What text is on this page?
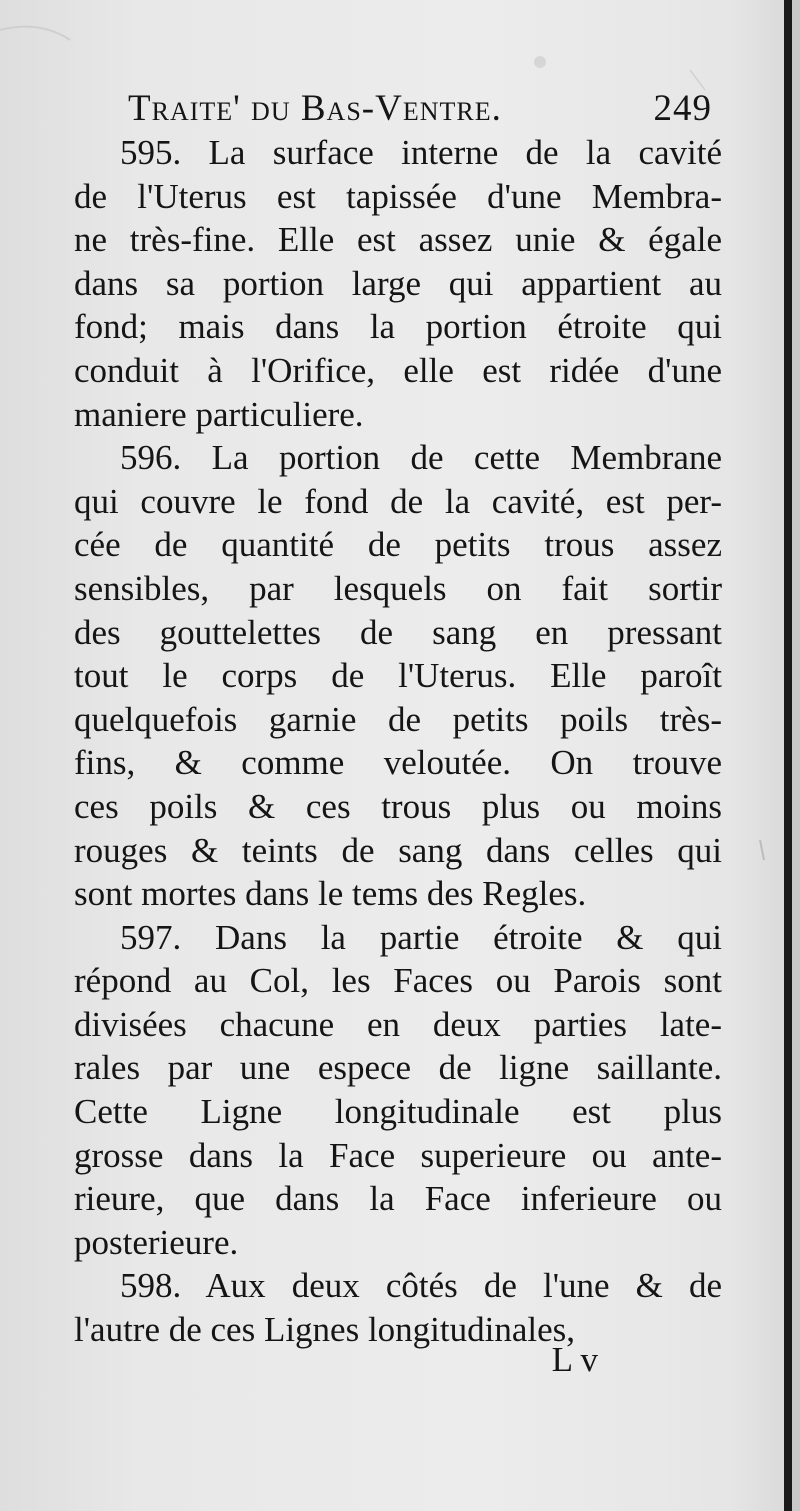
Traite' du Bas-Ventre.	249
595. La surface interne de la cavité
de l'Uterus est tapissée d'une Membra-
ne très-fine. Elle est assez unie & égale
dans sa portion large qui appartient au
fond; mais dans la portion étroite qui
conduit à l'Orifice, elle est ridée d'une
maniere particuliere.
596. La portion de cette Membrane
qui couvre le fond de la cavité, est per-
cée de quantité de petits trous assez
sensibles, par lesquels on fait sortir
des gouttelettes de sang en pressant
tout le corps de l'Uterus. Elle paroît
quelquefois garnie de petits poils très-
fins, & comme veloutée. On trouve
ces poils & ces trous plus ou moins
rouges & teints de sang dans celles qui
sont mortes dans le tems des Regles.
597. Dans la partie étroite & qui
répond au Col, les Faces ou Parois sont
divisées chacune en deux parties late-
rales par une espece de ligne saillante.
Cette Ligne longitudinale est plus
grosse dans la Face superieure ou ante-
rieure, que dans la Face inferieure ou
posterieure.
598. Aux deux côtés de l'une & de
l'autre de ces Lignes longitudinales,
L v
